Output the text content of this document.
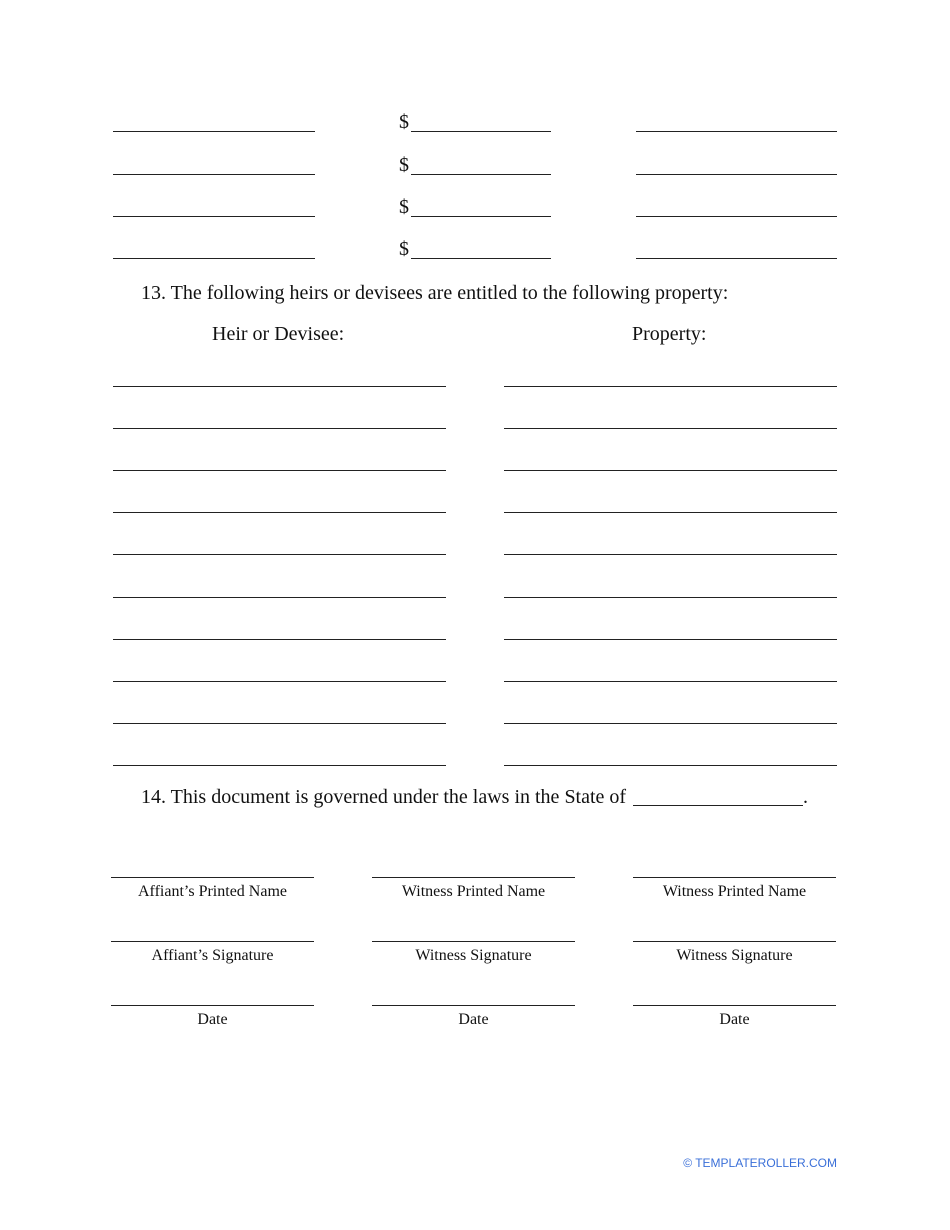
13. The following heirs or devisees are entitled to the following property:
Heir or Devisee:	Property:
14. This document is governed under the laws in the State of	.
© TEMPLATEROLLER.COM
$
$
$
$
Affiant’s Printed Name	Witness Printed Name	Witness Printed Name
Affiant’s Signature	Witness Signature	Witness Signature
Date	Date	Date
